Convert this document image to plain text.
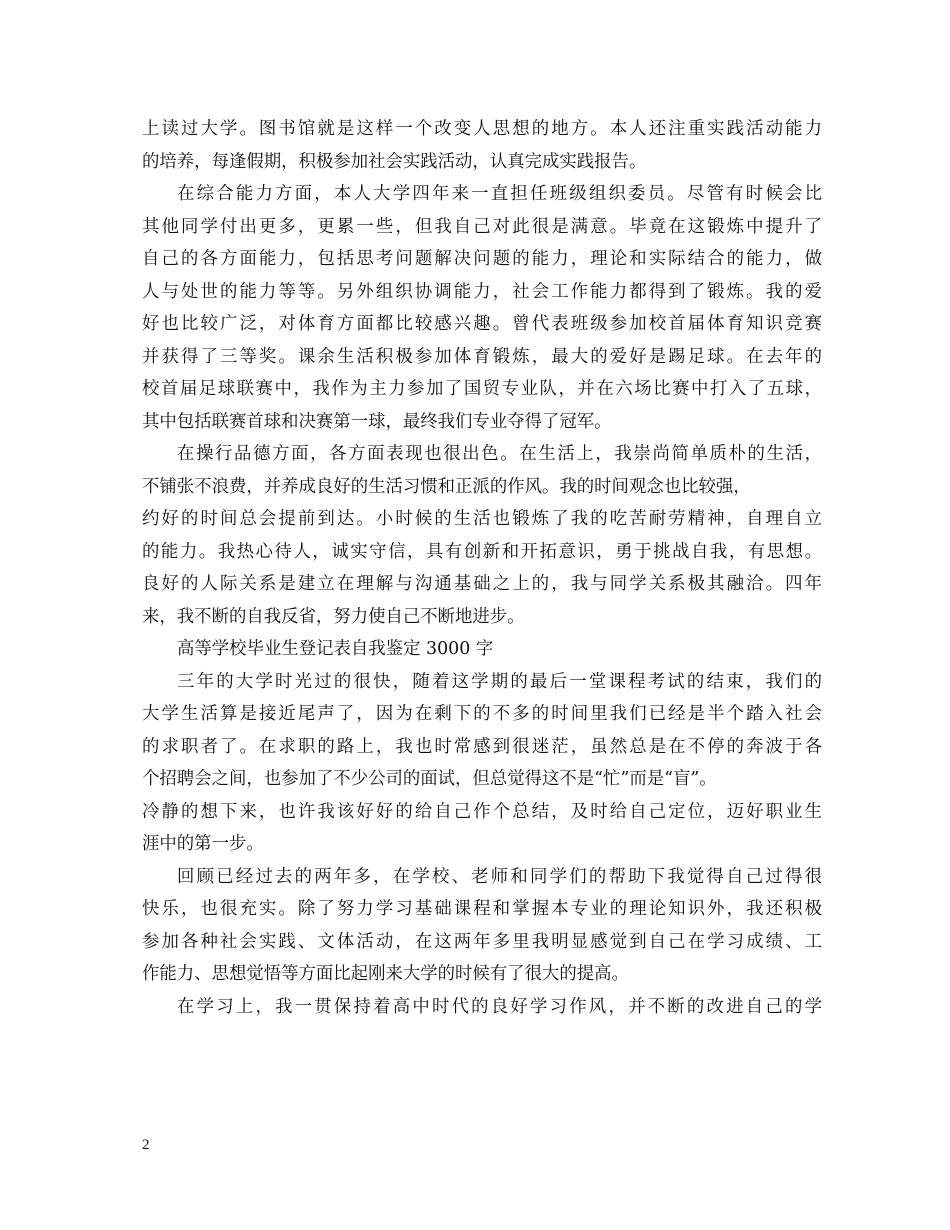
上读过大学。图书馆就是这样一个改变人思想的地方。本人还注重实践活动能力
的培养，每逢假期，积极参加社会实践活动，认真完成实践报告。
在综合能力方面，本人大学四年来一直担任班级组织委员。尽管有时候会比
其他同学付出更多，更累一些，但我自己对此很是满意。毕竟在这锻炼中提升了
自己的各方面能力，包括思考问题解决问题的能力，理论和实际结合的能力，做
人与处世的能力等等。另外组织协调能力，社会工作能力都得到了锻炼。我的爱
好也比较广泛，对体育方面都比较感兴趣。曾代表班级参加校首届体育知识竞赛
并获得了三等奖。课余生活积极参加体育锻炼，最大的爱好是踢足球。在去年的
校首届足球联赛中，我作为主力参加了国贸专业队，并在六场比赛中打入了五球，
其中包括联赛首球和决赛第一球，最终我们专业夺得了冠军。
在操行品德方面，各方面表现也很出色。在生活上，我崇尚简单质朴的生活，
不铺张不浪费，并养成良好的生活习惯和正派的作风。我的时间观念也比较强，
约好的时间总会提前到达。小时候的生活也锻炼了我的吃苦耐劳精神，自理自立
的能力。我热心待人，诚实守信，具有创新和开拓意识，勇于挑战自我，有思想。
良好的人际关系是建立在理解与沟通基础之上的，我与同学关系极其融洽。四年
来，我不断的自我反省，努力使自己不断地进步。
高等学校毕业生登记表自我鉴定 3000 字
三年的大学时光过的很快，随着这学期的最后一堂课程考试的结束，我们的
大学生活算是接近尾声了，因为在剩下的不多的时间里我们已经是半个踏入社会
的求职者了。在求职的路上，我也时常感到很迷茫，虽然总是在不停的奔波于各
个招聘会之间，也参加了不少公司的面试，但总觉得这不是“忙”而是“盲”。
冷静的想下来，也许我该好好的给自己作个总结，及时给自己定位，迈好职业生
涯中的第一步。
回顾已经过去的两年多，在学校、老师和同学们的帮助下我觉得自己过得很
快乐，也很充实。除了努力学习基础课程和掌握本专业的理论知识外，我还积极
参加各种社会实践、文体活动，在这两年多里我明显感觉到自己在学习成绩、工
作能力、思想觉悟等方面比起刚来大学的时候有了很大的提高。
在学习上，我一贯保持着高中时代的良好学习作风，并不断的改进自己的学
2
